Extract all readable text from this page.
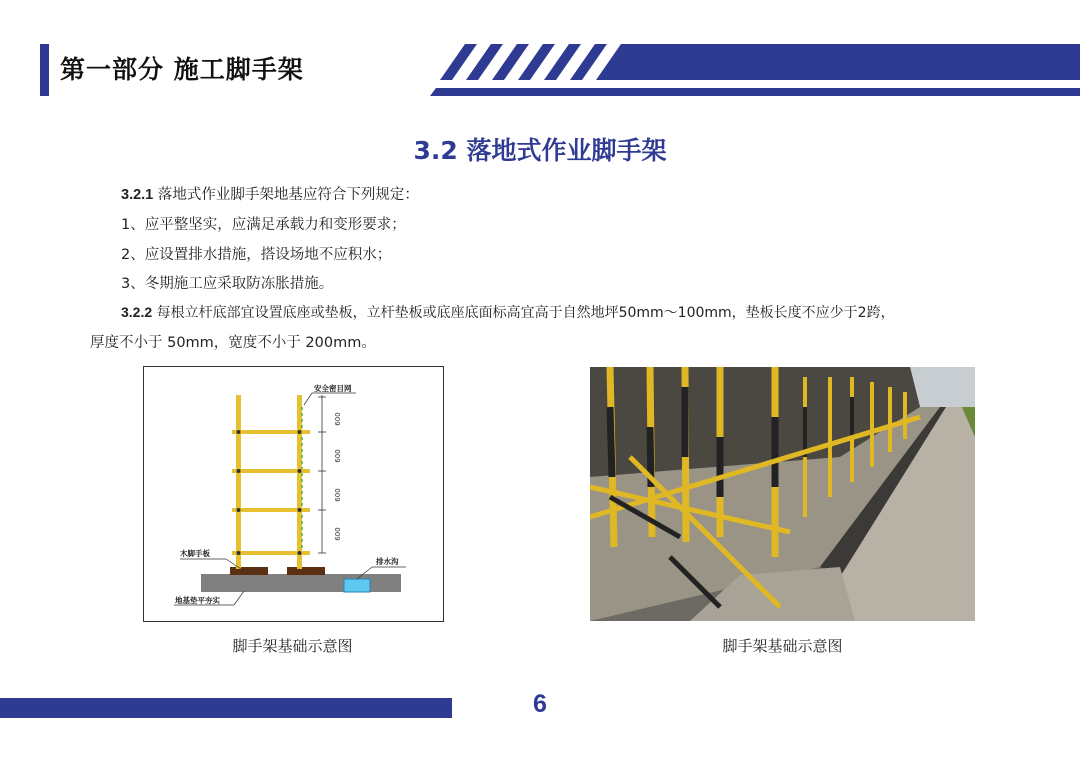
第一部分 施工脚手架
3.2 落地式作业脚手架
3.2.1 落地式作业脚手架地基应符合下列规定：
1、应平整坚实，应满足承载力和变形要求；
2、应设置排水措施，搭设场地不应积水；
3、冬期施工应采取防冻胀措施。
3.2.2 每根立杆底部宜设置底座或垫板，立杆垫板或底座底面标高宜高于自然地坪50mm～100mm，垫板长度不应少于2跨，
厚度不小于 50mm，宽度不小于 200mm。
600
600
600
600
安全密目网
木脚手板
排水沟
地基垫平夯实
脚手架基础示意图	脚手架基础示意图
6
